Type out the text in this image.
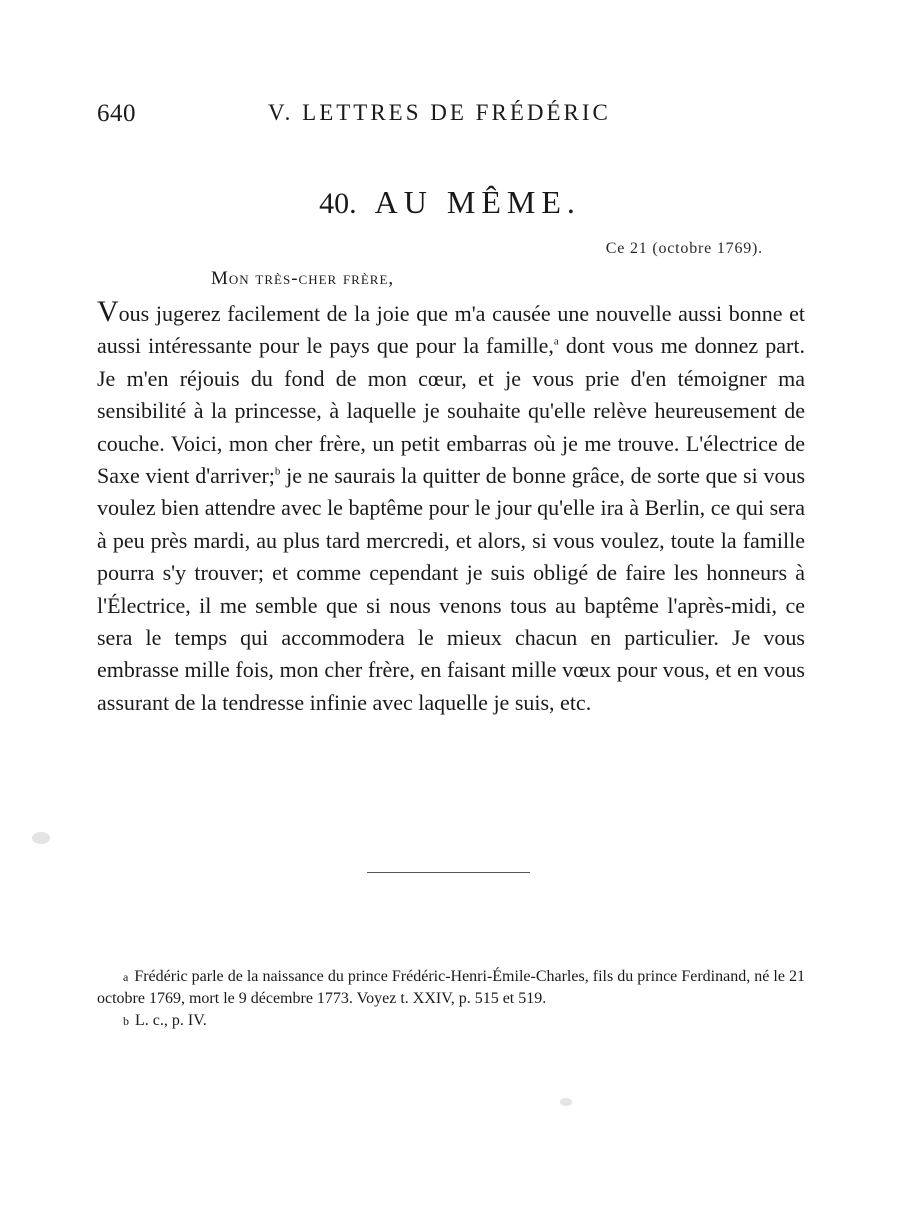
640	V. LETTRES DE FRÉDÉRIC
40. AU MÊME.
Ce 21 (octobre 1769).
Mon très-cher frère,

Vous jugerez facilement de la joie que m'a causée une nouvelle aussi bonne et aussi intéressante pour le pays que pour la famille,$^a$ dont vous me donnez part. Je m'en réjouis du fond de mon cœur, et je vous prie d'en témoigner ma sensibilité à la princesse, à laquelle je souhaite qu'elle relève heureusement de couche. Voici, mon cher frère, un petit embarras où je me trouve. L'électrice de Saxe vient d'arriver;$^b$ je ne saurais la quitter de bonne grâce, de sorte que si vous voulez bien attendre avec le baptême pour le jour qu'elle ira à Berlin, ce qui sera à peu près mardi, au plus tard mercredi, et alors, si vous voulez, toute la famille pourra s'y trouver; et comme cependant je suis obligé de faire les honneurs à l'Électrice, il me semble que si nous venons tous au baptême l'après-midi, ce sera le temps qui accommodera le mieux chacun en particulier. Je vous embrasse mille fois, mon cher frère, en faisant mille vœux pour vous, et en vous assurant de la tendresse infinie avec laquelle je suis, etc.

$^a$ Frédéric parle de la naissance du prince Frédéric-Henri-Émile-Charles, fils du prince Ferdinand, né le 21 octobre 1769, mort le 9 décembre 1773. Voyez t. XXIV, p. 515 et 519.

$^b$ L. c., p. IV.
